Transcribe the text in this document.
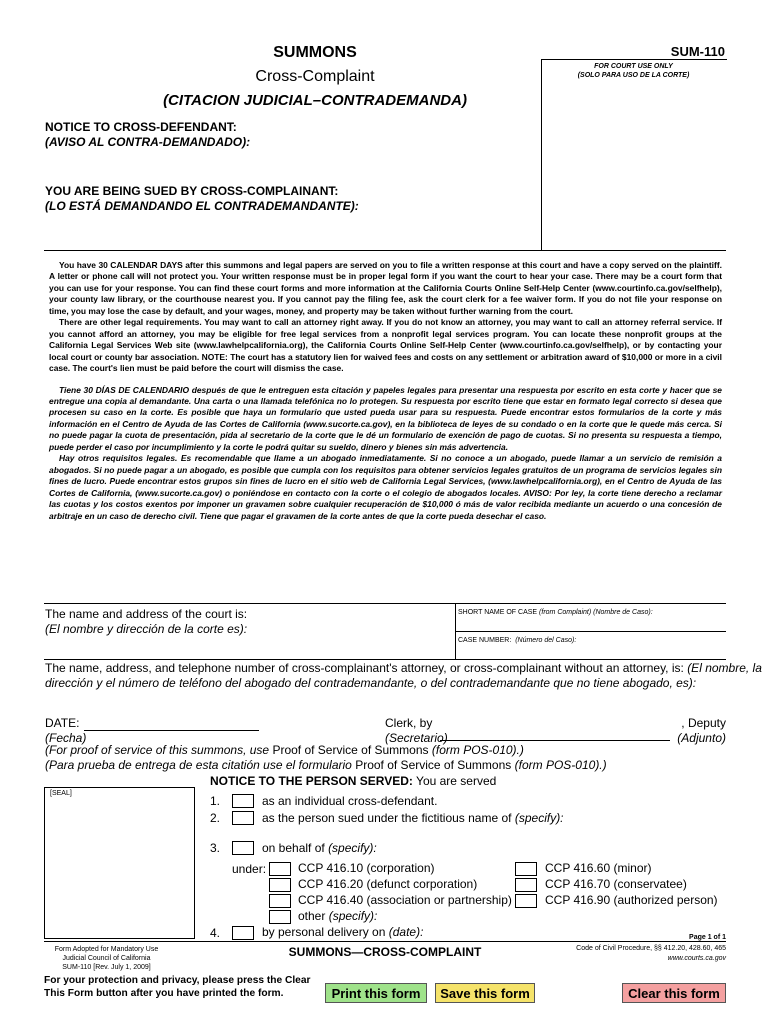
SUMMONS
Cross-Complaint
(CITACION JUDICIAL–CONTRADEMANDA)
SUM-110
FOR COURT USE ONLY
(SOLO PARA USO DE LA CORTE)
NOTICE TO CROSS-DEFENDANT:
(AVISO AL CONTRA-DEMANDADO):
YOU ARE BEING SUED BY CROSS-COMPLAINANT:
(LO ESTÁ DEMANDANDO EL CONTRADEMANDANTE):
You have 30 CALENDAR DAYS after this summons and legal papers are served on you to file a written response at this court and have a copy served on the plaintiff. A letter or phone call will not protect you. Your written response must be in proper legal form if you want the court to hear your case. There may be a court form that you can use for your response. You can find these court forms and more information at the California Courts Online Self-Help Center (www.courtinfo.ca.gov/selfhelp), your county law library, or the courthouse nearest you. If you cannot pay the filing fee, ask the court clerk for a fee waiver form. If you do not file your response on time, you may lose the case by default, and your wages, money, and property may be taken without further warning from the court.
There are other legal requirements. You may want to call an attorney right away. If you do not know an attorney, you may want to call an attorney referral service. If you cannot afford an attorney, you may be eligible for free legal services from a nonprofit legal services program. You can locate these nonprofit groups at the California Legal Services Web site (www.lawhelpcalifornia.org), the California Courts Online Self-Help Center (www.courtinfo.ca.gov/selfhelp), or by contacting your local court or county bar association. NOTE: The court has a statutory lien for waived fees and costs on any settlement or arbitration award of $10,000 or more in a civil case. The court's lien must be paid before the court will dismiss the case.
Tiene 30 DÍAS DE CALENDARIO después de que le entreguen esta citación y papeles legales para presentar una respuesta por escrito en esta corte y hacer que se entregue una copia al demandante. Una carta o una llamada telefónica no lo protegen. Su respuesta por escrito tiene que estar en formato legal correcto si desea que procesen su caso en la corte. Es posible que haya un formulario que usted pueda usar para su respuesta. Puede encontrar estos formularios de la corte y más información en el Centro de Ayuda de las Cortes de California (www.sucorte.ca.gov), en la biblioteca de leyes de su condado o en la corte que le quede más cerca. Si no puede pagar la cuota de presentación, pida al secretario de la corte que le dé un formulario de exención de pago de cuotas. Si no presenta su respuesta a tiempo, puede perder el caso por incumplimiento y la corte le podrá quitar su sueldo, dinero y bienes sin más advertencia.
Hay otros requisitos legales. Es recomendable que llame a un abogado inmediatamente. Si no conoce a un abogado, puede llamar a un servicio de remisión a abogados. Si no puede pagar a un abogado, es posible que cumpla con los requisitos para obtener servicios legales gratuitos de un programa de servicios legales sin fines de lucro. Puede encontrar estos grupos sin fines de lucro en el sitio web de California Legal Services, (www.lawhelpcalifornia.org), en el Centro de Ayuda de las Cortes de California, (www.sucorte.ca.gov) o poniéndose en contacto con la corte o el colegio de abogados locales. AVISO: Por ley, la corte tiene derecho a reclamar las cuotas y los costos exentos por imponer un gravamen sobre cualquier recuperación de $10,000 ó más de valor recibida mediante un acuerdo o una concesión de arbitraje en un caso de derecho civil. Tiene que pagar el gravamen de la corte antes de que la corte pueda desechar el caso.
The name and address of the court is:
(El nombre y dirección de la corte es):
SHORT NAME OF CASE (from Complaint) (Nombre de Caso):
CASE NUMBER: (Número del Caso):
The name, address, and telephone number of cross-complainant's attorney, or cross-complainant without an attorney, is: (El nombre, la
dirección y el número de teléfono del abogado del contrademandante, o del contrademandante que no tiene abogado, es):
DATE:
(Fecha)
Clerk, by
(Secretario)
, Deputy
(Adjunto)
(For proof of service of this summons, use Proof of Service of Summons (form POS-010).)
(Para prueba de entrega de esta citatión use el formulario Proof of Service of Summons (form POS-010).)
NOTICE TO THE PERSON SERVED: You are served
[SEAL]
1.	as an individual cross-defendant.
2.	as the person sued under the fictitious name of (specify):
3.	on behalf of (specify):
under:	CCP 416.10 (corporation)
CCP 416.20 (defunct corporation)
CCP 416.40 (association or partnership)
other (specify):
CCP 416.60 (minor)
CCP 416.70 (conservatee)
CCP 416.90 (authorized person)
4.	by personal delivery on (date):	Page 1 of 1
Form Adopted for Mandatory Use
Judicial Council of California
SUM-110 [Rev. July 1, 2009]
SUMMONS—CROSS-COMPLAINT	Code of Civil Procedure, §§ 412.20, 428.60, 465
www.courts.ca.gov
For your protection and privacy, please press the Clear
This Form button after you have printed the form.	Print this form	Save this form	Clear this form
